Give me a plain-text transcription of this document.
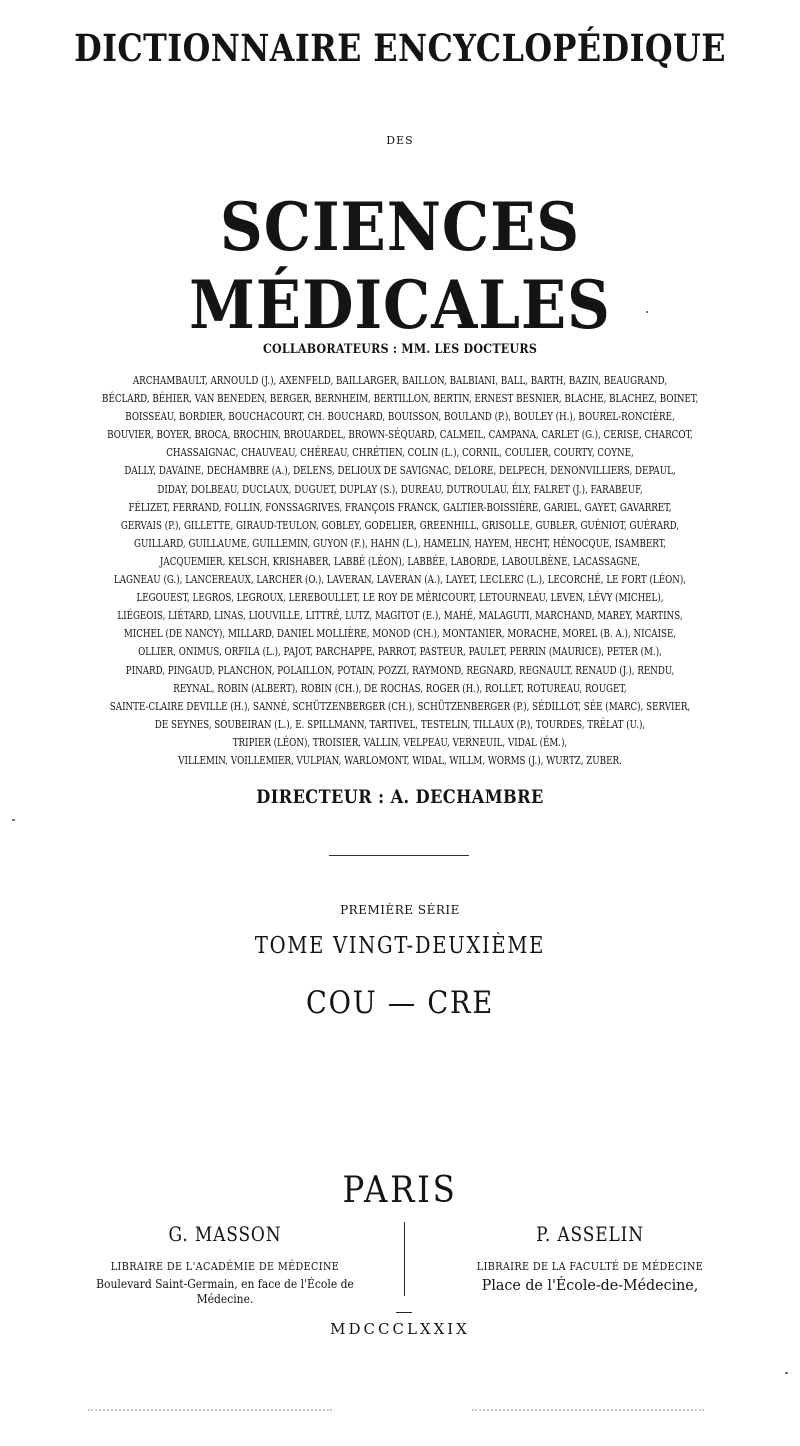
DICTIONNAIRE ENCYCLOPÉDIQUE
DES
SCIENCES MÉDICALES
COLLABORATEURS : MM. LES DOCTEURS
ARCHAMBAULT, ARNOULD (J.), AXENFELD, BAILLARGER, BAILLON, BALBIANI, BALL, BARTH, BAZIN, BEAUGRAND,
BÉCLARD, BÉHIER, VAN BENEDEN, BERGER, BERNHEIM, BERTILLON, BERTIN, ERNEST BESNIER, BLACHE, BLACHEZ, BOINET,
BOISSEAU, BORDIER, BOUCHACOURT, CH. BOUCHARD, BOUISSON, BOULAND (P.), BOULEY (H.), BOUREL-RONCIÈRE,
BOUVIER, BOYER, BROCA, BROCHIN, BROUARDEL, BROWN-SÉQUARD, CALMEIL, CAMPANA, CARLET (G.), CERISE, CHARCOT,
CHASSAIGNAC, CHAUVEAU, CHÉREAU, CHRÉTIEN, COLIN (L.), CORNIL, COULIER, COURTY, COYNE,
DALLY, DAVAINE, DECHAMBRE (A.), DELENS, DELIOUX DE SAVIGNAC, DELORE, DELPECH, DENONVILLIERS, DEPAUL,
DIDAY, DOLBEAU, DUCLAUX, DUGUET, DUPLAY (S.), DUREAU, DUTROULAU, ÉLY, FALRET (J.), FARABEUF,
FÉLIZET, FERRAND, FOLLIN, FONSSAGRIVES, FRANÇOIS FRANCK, GALTIER-BOISSIÈRE, GARIEL, GAYET, GAVARRET,
GERVAIS (P.), GILLETTE, GIRAUD-TEULON, GOBLEY, GODELIER, GREENHILL, GRISOLLE, GUBLER, GUÉNIOT, GUÉRARD,
GUILLARD, GUILLAUME, GUILLEMIN, GUYON (F.), HAHN (L.), HAMELIN, HAYEM, HECHT, HÉNOCQUE, ISAMBERT,
JACQUEMIER, KELSCH, KRISHABER, LABBÉ (LÉON), LABBÉE, LABORDE, LABOULBÈNE, LACASSAGNE,
LAGNEAU (G.), LANCEREAUX, LARCHER (O.), LAVERAN, LAVERAN (A.), LAYET, LECLERC (L.), LECORCHÉ, LE FORT (LÉON),
LEGOUEST, LEGROS, LEGROUX, LEREBOULLET, LE ROY DE MÉRICOURT, LETOURNEAU, LEVEN, LÉVY (MICHEL),
LIÉGEOIS, LIÉTARD, LINAS, LIOUVILLE, LITTRÉ, LUTZ, MAGITOT (E.), MAHÉ, MALAGUTI, MARCHAND, MAREY, MARTINS,
MICHEL (DE NANCY), MILLARD, DANIEL MOLLIÈRE, MONOD (CH.), MONTANIER, MORACHE, MOREL (B. A.), NICAISE,
OLLIER, ONIMUS, ORFILA (L.), PAJOT, PARCHAPPE, PARROT, PASTEUR, PAULET, PERRIN (MAURICE), PETER (M.),
PINARD, PINGAUD, PLANCHON, POLAILLON, POTAIN, POZZI, RAYMOND, REGNARD, REGNAULT, RENAUD (J.), RENDU,
REYNAL, ROBIN (ALBERT), ROBIN (CH.), DE ROCHAS, ROGER (H.), ROLLET, ROTUREAU, ROUGET,
SAINTE-CLAIRE DEVILLE (H.), SANNÉ, SCHÜTZENBERGER (CH.), SCHÜTZENBERGER (P.), SÉDILLOT, SÉE (MARC), SERVIER,
DE SEYNES, SOUBEIRAN (L.), E. SPILLMANN, TARTIVEL, TESTELIN, TILLAUX (P.), TOURDES, TRÉLAT (U.),
TRIPIER (LÉON), TROISIER, VALLIN, VELPEAU, VERNEUIL, VIDAL (ÉM.),
VILLEMIN, VOILLEMIER, VULPIAN, WARLOMONT, WIDAL, WILLM, WORMS (J.), WURTZ, ZUBER.
DIRECTEUR : A. DECHAMBRE
PREMIÈRE SÉRIE
TOME VINGT-DEUXIÈME
COU — CRE
PARIS
G. MASSON
LIBRAIRE DE L'ACADÉMIE DE MÉDECINE
Boulevard Saint-Germain, en face de l'École de Médecine.
P. ASSELIN
LIBRAIRE DE LA FACULTÉ DE MÉDECINE
Place de l'École-de-Médecine,
MDCCCLXXIX
